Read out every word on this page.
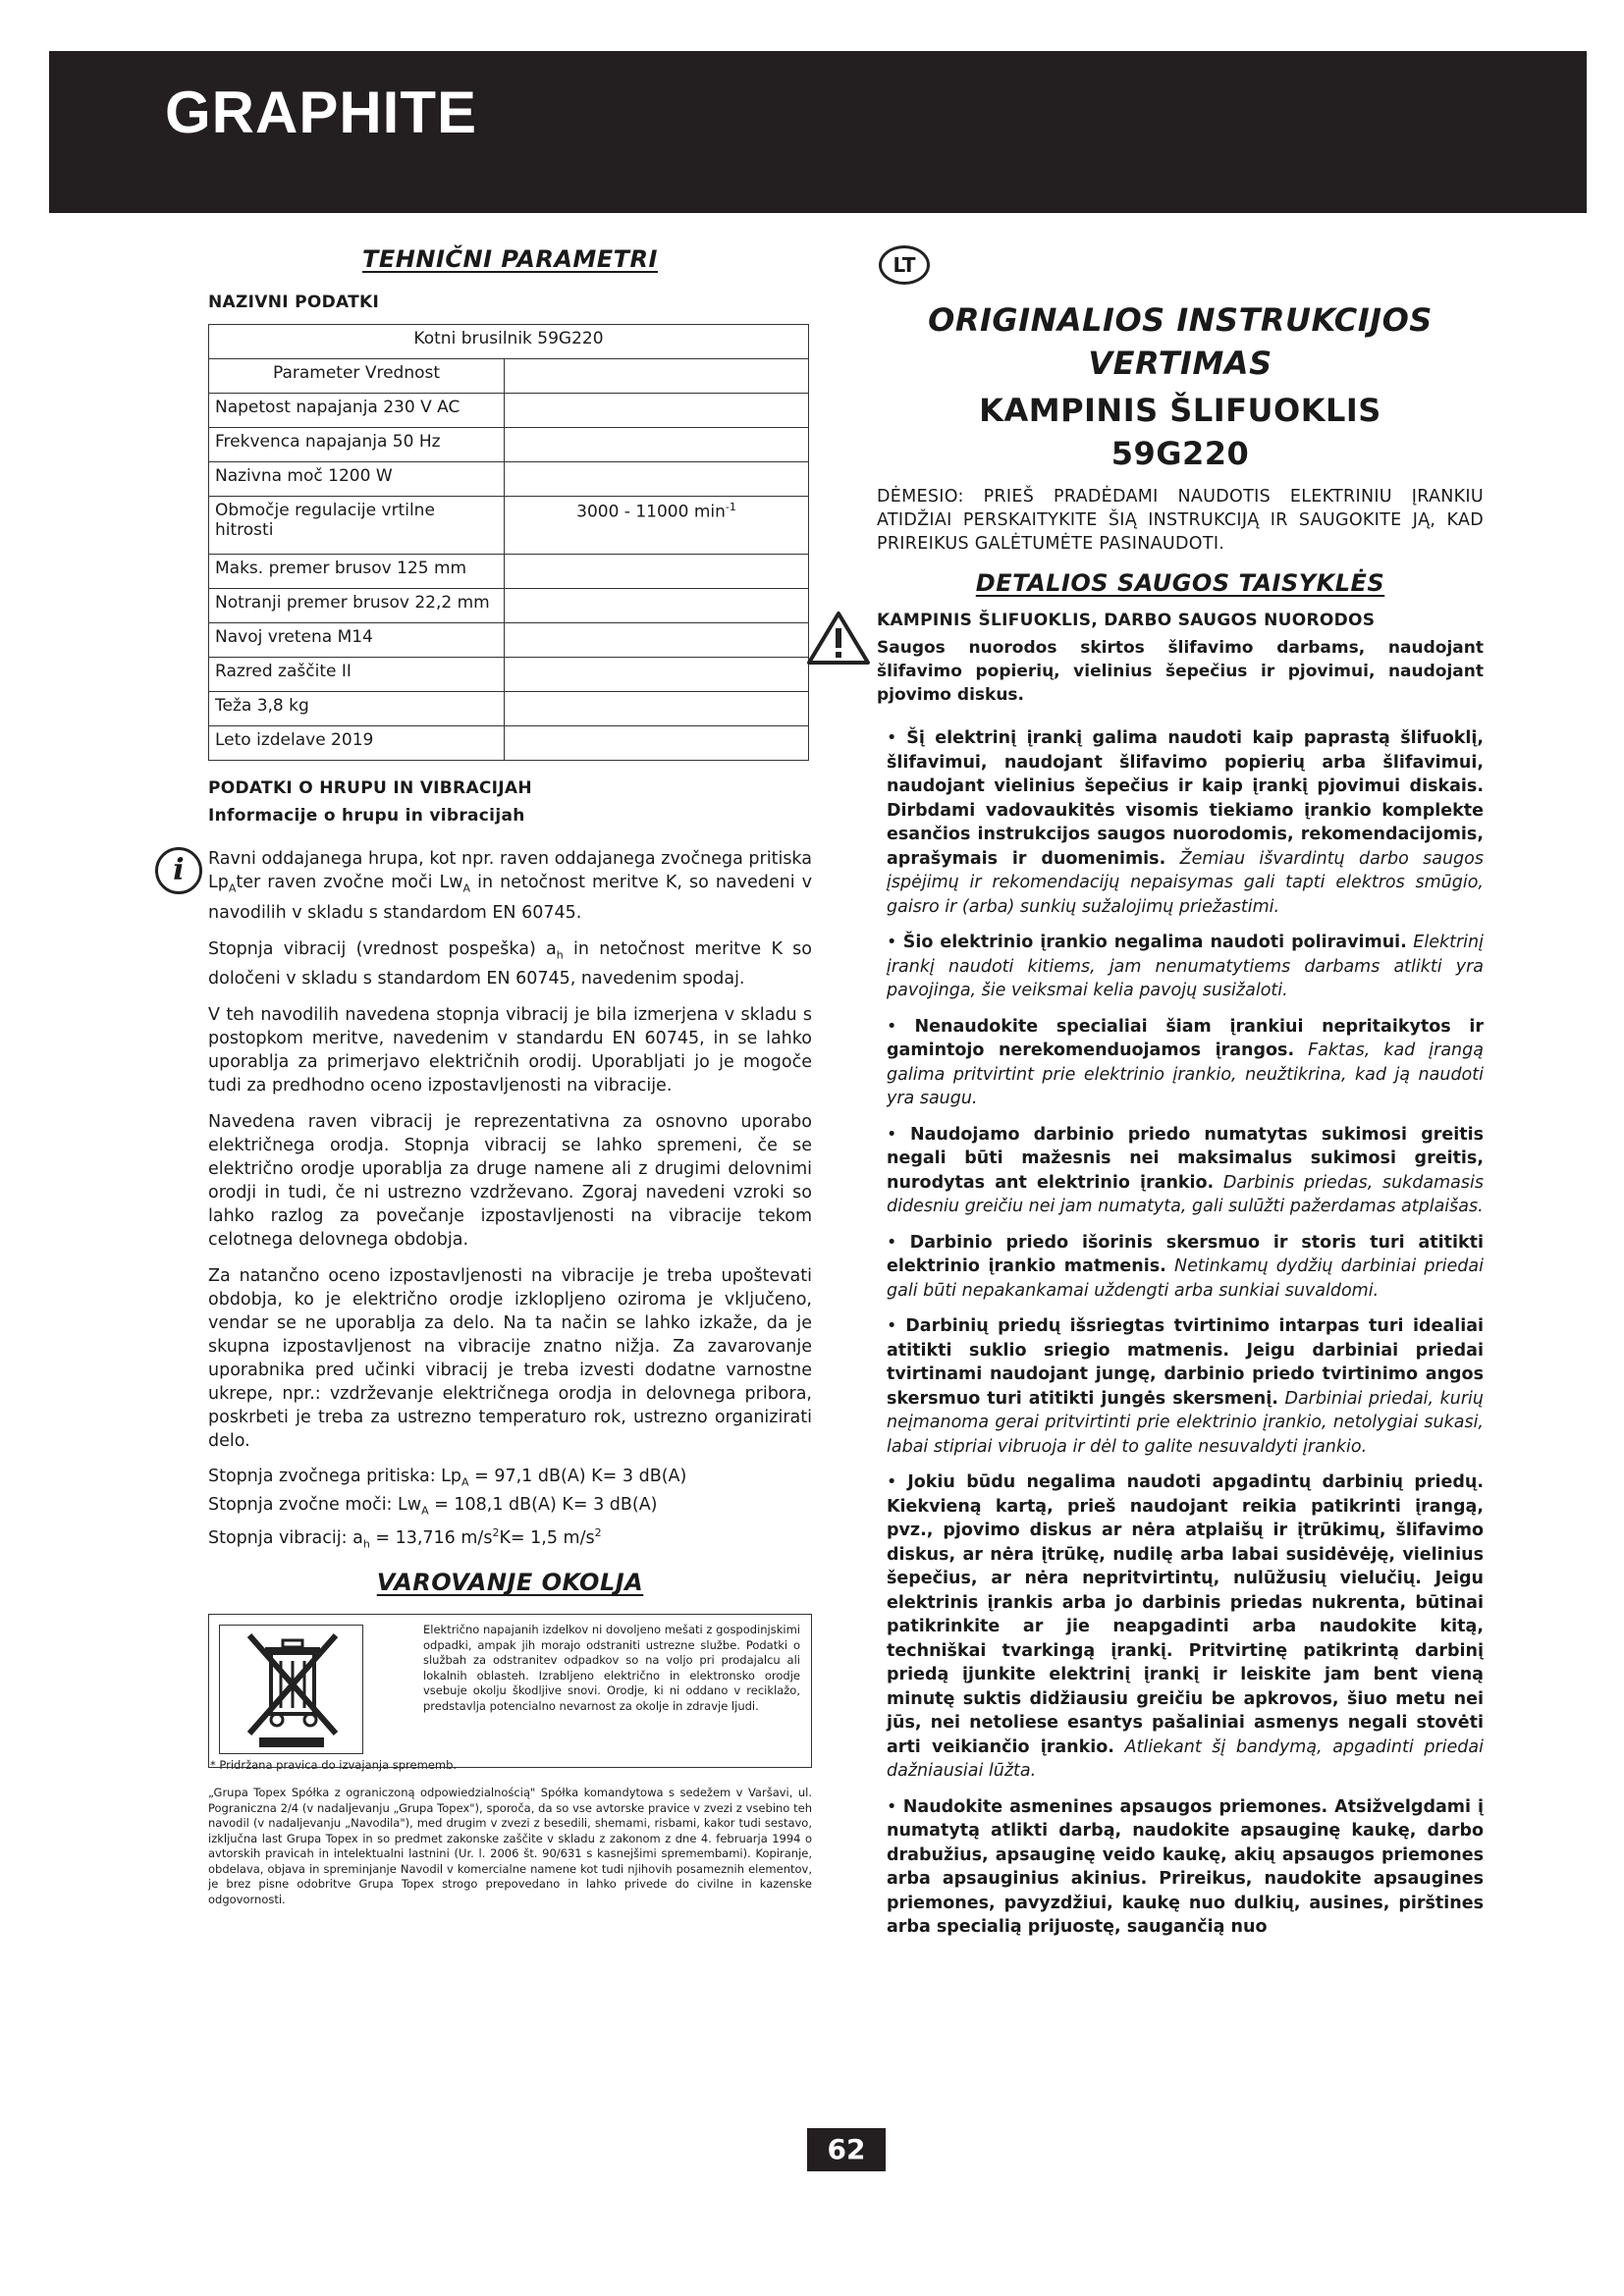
GRAPHITE
TEHNIČNI PARAMETRI
NAZIVNI PODATKI
Kotni brusilnik 59G220	
Parameter Vrednost	
Napetost napajanja 230 V AC	
Frekvenca napajanja 50 Hz	
Nazivna moč 1200 W	
Območje regulacije vrtilne hitrosti	3000 - 11000 $\min^{-1}$
Maks. premer brusov 125 mm	
Notranji premer brusov 22,2 mm	
Navoj vretena M14	
Razred zaščite II	
Teža 3,8 kg	
Leto izdelave 2019	
PODATKI O HRUPU IN VIBRACIJAH
Informacije o hrupu in vibracijah
i	Ravni oddajanega hrupa, kot npr. raven oddajanega zvočnega pritiska $Lp_Ater$ raven zvočne moči $Lw_A$ in netočnost meritve K, so navedeni v navodilih v skladu s standardom EN 60745.

Stopnja vibracij (vrednost pospeška) $a_h$ in netočnost meritve K so določeni v skladu s standardom EN 60745, navedenim spodaj.

V teh navodilih navedena stopnja vibracij je bila izmerjena v skladu s postopkom meritve, navedenim v standardu EN 60745, in se lahko uporablja za primerjavo električnih orodij. Uporabljati jo je mogoče tudi za predhodno oceno izpostavljenosti na vibracije.

Navedena raven vibracij je reprezentativna za osnovno uporabo električnega orodja. Stopnja vibracij se lahko spremeni, če se električno orodje uporablja za druge namene ali z drugimi delovnimi orodji in tudi, če ni ustrezno vzdrževano. Zgoraj navedeni vzroki so lahko razlog za povečanje izpostavljenosti na vibracije tekom celotnega delovnega obdobja.

Za natančno oceno izpostavljenosti na vibracije je treba upoštevati obdobja, ko je električno orodje izklopljeno oziroma je vključeno, vendar se ne uporablja za delo. Na ta način se lahko izkaže, da je skupna izpostavljenost na vibracije znatno nižja. Za zavarovanje uporabnika pred učinki vibracij je treba izvesti dodatne varnostne ukrepe, npr.: vzdrževanje električnega orodja in delovnega pribora, poskrbeti je treba za ustrezno temperaturo rok, ustrezno organizirati delo.

Stopnja zvočnega pritiska: $Lp_A = 97,1$ dB(A) K= 3 dB(A)
Stopnja zvočne moči: $Lw_A = 108,1$ dB(A) K= 3 dB(A)
Stopnja vibracij: $a_h = 13,716$ $m/s^2K= 1,5$ $m/s^2$
VAROVANJE OKOLJA
Električno napajanih izdelkov ni dovoljeno mešati z gospodinjskimi odpadki, ampak jih morajo odstraniti ustrezne službe. Podatki o službah za odstranitev odpadkov so na voljo pri prodajalcu ali lokalnih oblasteh. Izrabljeno električno in elektronsko orodje vsebuje okolju škodljive snovi. Orodje, ki ni oddano v reciklažo, predstavlja potencialno nevarnost za okolje in zdravje ljudi.
* Pridržana pravica do izvajanja sprememb.

„Grupa Topex Spółka z ograniczoną odpowiedzialnością" Spółka komandytowa s sedežem v Varšavi, ul. Pograniczna 2/4 (v nadaljevanju „Grupa Topex"), sporoča, da so vse avtorske pravice v zvezi z vsebino teh navodil (v nadaljevanju „Navodila"), med drugim v zvezi z besedili, shemami, risbami, kakor tudi sestavo, izključna last Grupa Topex in so predmet zakonske zaščite v skladu z zakonom z dne 4. februarja 1994 o avtorskih pravicah in intelektualni lastnini (Ur. l. 2006 št. 90/631 s kasnejšimi spremembami). Kopiranje, obdelava, objava in spreminjanje Navodil v komercialne namene kot tudi njihovih posameznih elementov, je brez pisne odobritve Grupa Topex strogo prepovedano in lahko privede do civilne in kazenske odgovornosti.

LT
ORIGINALIOS INSTRUKCIJOS
VERTIMAS
KAMPINIS ŠLIFUOKLIS
59G220

DĖMESIO: PRIEŠ PRADĖDAMI NAUDOTIS ELEKTRINIU ĮRANKIU ATIDŽIAI PERSKAITYKITE ŠIĄ INSTRUKCIJĄ IR SAUGOKITE JĄ, KAD PRIREIKUS GALĖTUMĖTE PASINAUDOTI.

DETALIOS SAUGOS TAISYKLĖS
KAMPINIS ŠLIFUOKLIS, DARBO SAUGOS NUORODOS

Saugos nuorodos skirtos šlifavimo darbams, naudojant šlifavimo popierių, vielinius šepečius ir pjovimui, naudojant pjovimo diskus.

• Šį elektrinį įrankį galima naudoti kaip paprastą šlifuoklį, šlifavimui, naudojant šlifavimo popierių arba šlifavimui, naudojant vielinius šepečius ir kaip įrankį pjovimui diskais. Dirbdami vadovaukitės visomis tiekiamo įrankio komplekte esančios instrukcijos saugos nuorodomis, rekomendacijomis, aprašymais ir duomenimis. Žemiau išvardintų darbo saugos įspėjimų ir rekomendacijų nepaisymas gali tapti elektros smūgio, gaisro ir (arba) sunkių sužalojimų priežastimi.

• Šio elektrinio įrankio negalima naudoti poliravimui. Elektrinį įrankį naudoti kitiems, jam nenumatytiems darbams atlikti yra pavojinga, šie veiksmai kelia pavojų susižaloti.

• Nenaudokite specialiai šiam įrankiui nepritaikytos ir gamintojo nerekomenduojamos įrangos. Faktas, kad įrangą galima pritvirtint prie elektrinio įrankio, neužtikrina, kad ją naudoti yra saugu.

• Naudojamo darbinio priedo numatytas sukimosi greitis negali būti mažesnis nei maksimalus sukimosi greitis, nurodytas ant elektrinio įrankio. Darbinis priedas, sukdamasis didesniu greičiu nei jam numatyta, gali sulūžti pažerdamas atplaišas.

• Darbinio priedo išorinis skersmuo ir storis turi atitikti elektrinio įrankio matmenis. Netinkamų dydžių darbiniai priedai gali būti nepakankamai uždengti arba sunkiai suvaldomi.

• Darbinių priedų išsriegtas tvirtinimo intarpas turi idealiai atitikti suklio sriegio matmenis. Jeigu darbiniai priedai tvirtinami naudojant jungę, darbinio priedo tvirtinimo angos skersmuo turi atitikti jungės skersmenį. Darbiniai priedai, kurių neįmanoma gerai pritvirtinti prie elektrinio įrankio, netolygiai sukasi, labai stipriai vibruoja ir dėl to galite nesuvaldyti įrankio.

• Jokiu būdu negalima naudoti apgadintų darbinių priedų. Kiekvieną kartą, prieš naudojant reikia patikrinti įrangą, pvz., pjovimo diskus ar nėra atplaišų ir įtrūkimų, šlifavimo diskus, ar nėra įtrūkę, nudilę arba labai susidėvėję, vielinius šepečius, ar nėra nepritvirtintų, nulūžusių vielučių. Jeigu elektrinis įrankis arba jo darbinis priedas nukrenta, būtinai patikrinkite ar jie neapgadinti arba naudokite kitą, techniškai tvarkingą įrankį. Pritvirtinę patikrintą darbinį priedą įjunkite elektrinį įrankį ir leiskite jam bent vieną minutę suktis didžiausiu greičiu be apkrovos, šiuo metu nei jūs, nei netoliese esantys pašaliniai asmenys negali stovėti arti veikiančio įrankio. Atliekant šį bandymą, apgadinti priedai dažniausiai lūžta.

• Naudokite asmenines apsaugos priemones. Atsižvelgdami į numatytą atlikti darbą, naudokite apsauginę kaukę, darbo drabužius, apsauginę veido kaukę, akių apsaugos priemones arba apsauginius akinius. Prireikus, naudokite apsaugines priemones, pavyzdžiui, kaukę nuo dulkių, ausines, pirštines arba specialią prijuostę, saugančią nuo

62
